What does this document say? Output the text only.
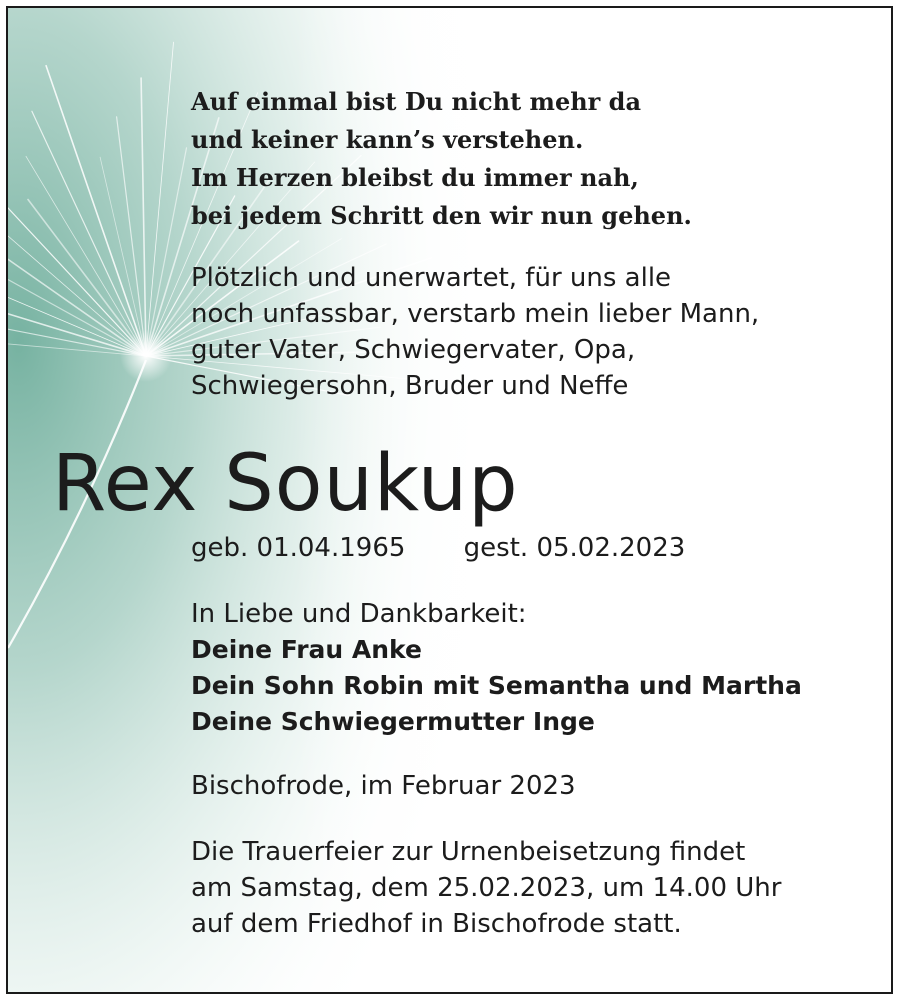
Auf einmal bist Du nicht mehr da
und keiner kann’s verstehen.
Im Herzen bleibst du immer nah,
bei jedem Schritt den wir nun gehen.
Plötzlich und unerwartet, für uns alle
noch unfassbar, verstarb mein lieber Mann,
guter Vater, Schwiegervater, Opa,
Schwiegersohn, Bruder und Neffe
Rex Soukup
geb. 01.04.1965 gest. 05.02.2023
In Liebe und Dankbarkeit:
Deine Frau Anke
Dein Sohn Robin mit Semantha und Martha
Deine Schwiegermutter Inge
Bischofrode, im Februar 2023
Die Trauerfeier zur Urnenbeisetzung findet
am Samstag, dem 25.02.2023, um 14.00 Uhr
auf dem Friedhof in Bischofrode statt.
